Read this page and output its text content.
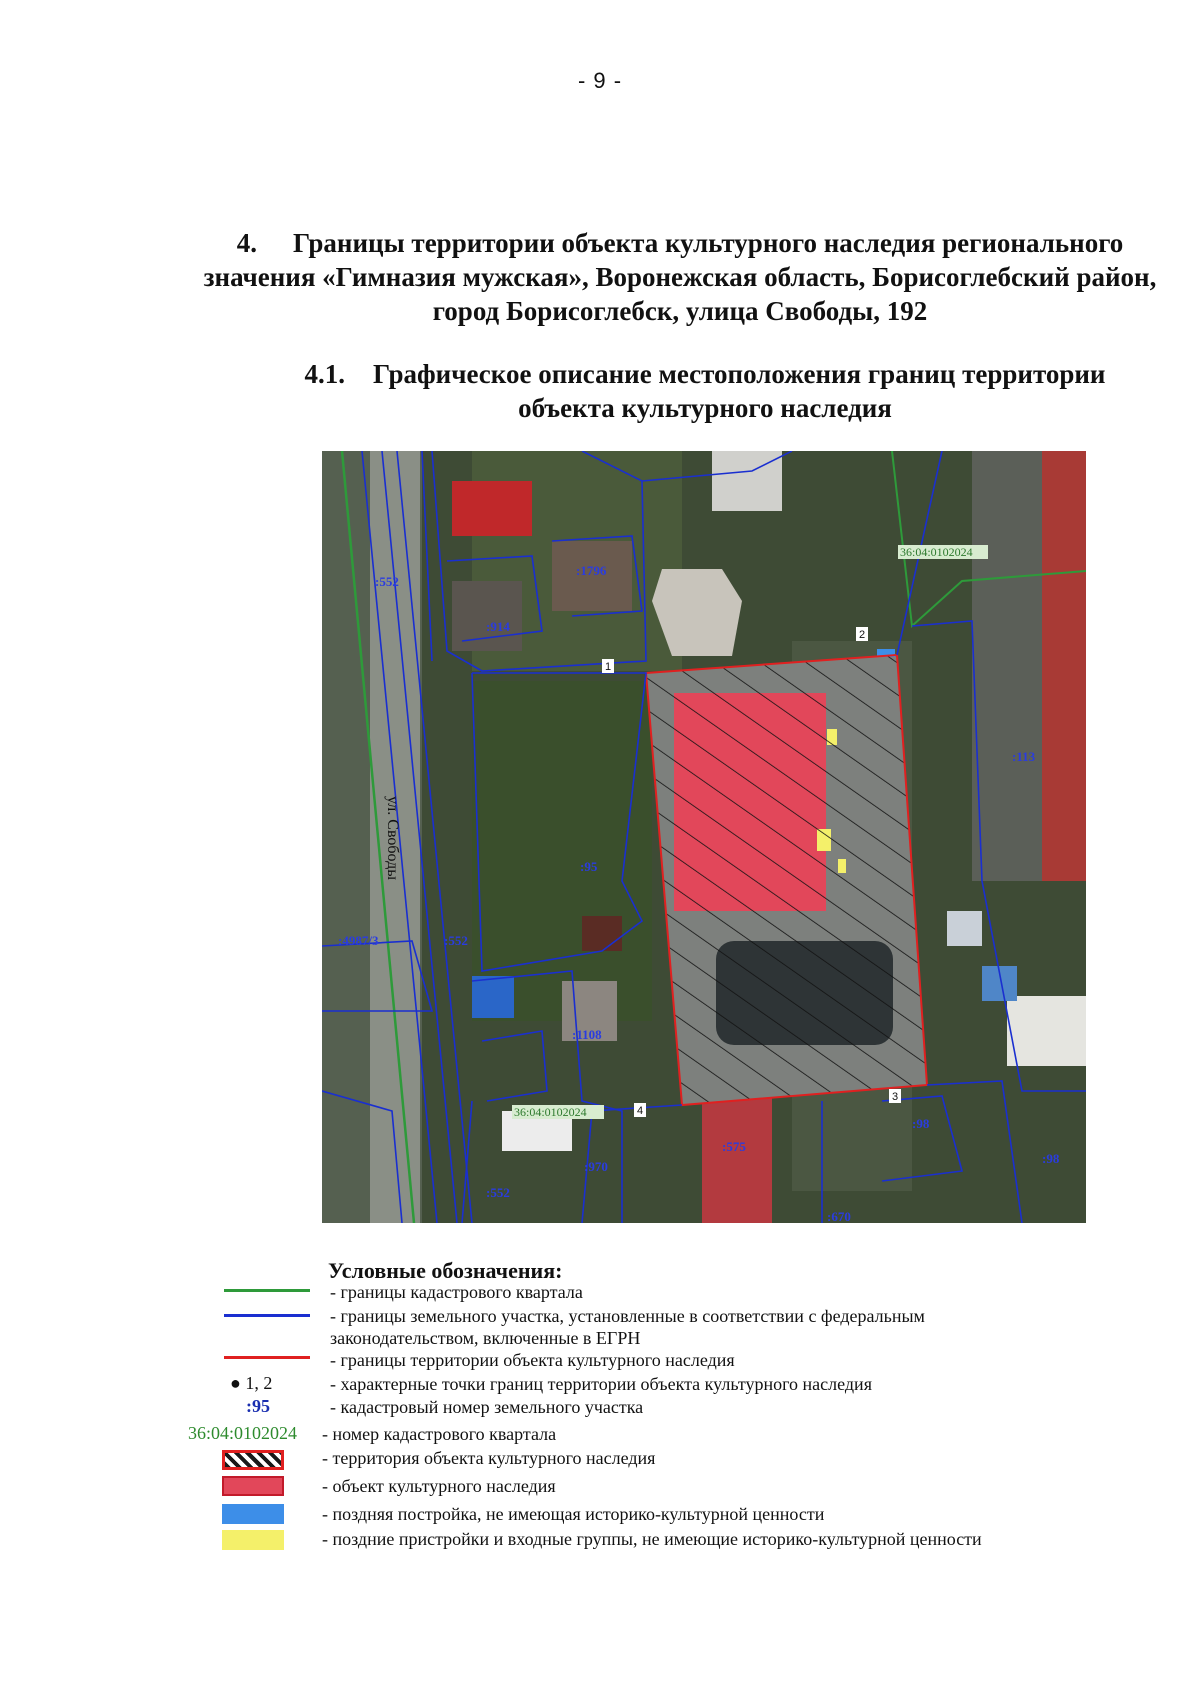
- 9 -
4. Границы территории объекта культурного наследия регионального значения «Гимназия мужская», Воронежская область, Борисоглебский район, город Борисоглебск, улица Свободы, 192
4.1. Графическое описание местоположения границ территории объекта культурного наследия
ул. Свободы
36:04:0102024
36:04:0102024
:552
:1796
:914
:95
:113
:4987/3	:552
:1108
:970
:575
:98
:552
:670
:98
1
2
3
4
Условные обозначения:
- границы кадастрового квартала
- границы земельного участка, установленные в соответствии с федеральным
законодательством, включенные в ЕГРН
- границы территории объекта культурного наследия
● 1, 2	- характерные точки границ территории объекта культурного наследия
:95	- кадастровый номер земельного участка
36:04:0102024 - номер кадастрового квартала
- территория объекта культурного наследия
- объект культурного наследия
- поздняя постройка, не имеющая историко-культурной ценности
- поздние пристройки и входные группы, не имеющие историко-культурной ценности
